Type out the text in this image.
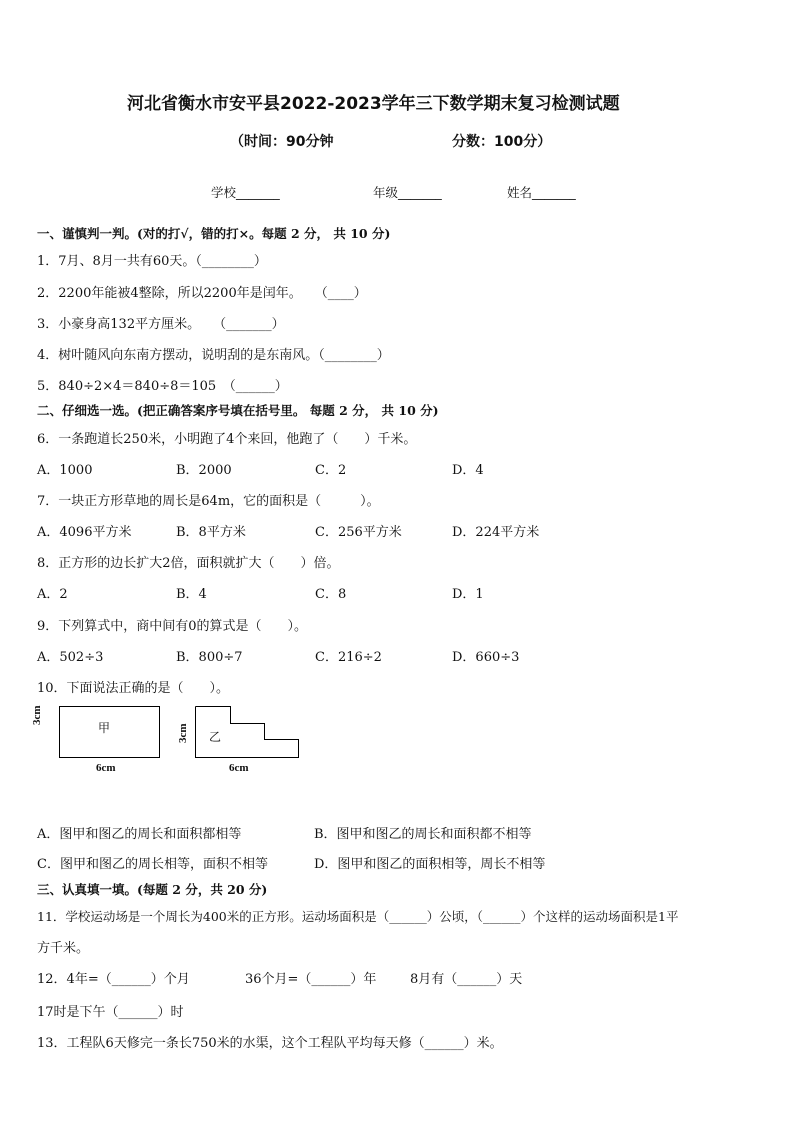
河北省衡水市安平县2022-2023学年三下数学期末复习检测试题
（时间：90分钟	分数：100分）
学校_______	年级_______	姓名_______
一、谨慎判一判。(对的打√，错的打×。每题 2 分， 共 10 分)
1．7月、8月一共有60天。（________）
2．2200年能被4整除，所以2200年是闰年。　　（____）
3．小豪身高132平方厘米。　　（_______）
4．树叶随风向东南方摆动，说明刮的是东南风。（________）
5．840÷2×4＝840÷8＝105　（______）
二、仔细选一选。(把正确答案序号填在括号里。 每题 2 分， 共 10 分)
6．一条跑道长250米，小明跑了4个来回，他跑了（　　）千米。
A．1000	B．2000	C．2	D．4
7．一块正方形草地的周长是64m，它的面积是（　　　）。
A．4096平方米	B．8平方米	C．256平方米	D．224平方米
8．正方形的边长扩大2倍，面积就扩大（　　）倍。
A．2	B．4	C．8	D．1
9．下列算式中，商中间有0的算式是（　　）。
A．502÷3	B．800÷7	C．216÷2	D．660÷3
10．下面说法正确的是（　　）。
甲
乙
3cm
3cm
6cm	6cm
A．图甲和图乙的周长和面积都相等	B．图甲和图乙的周长和面积都不相等
C．图甲和图乙的周长相等，面积不相等	D．图甲和图乙的面积相等，周长不相等
三、认真填一填。(每题 2 分，共 20 分)
11．学校运动场是一个周长为400米的正方形。运动场面积是（______）公顷，（______）个这样的运动场面积是1平
方千米。
12．4年=（______）个月	36个月=（______）年	8月有（______）天
17时是下午（______）时
13．工程队6天修完一条长750米的水渠，这个工程队平均每天修（______）米。
